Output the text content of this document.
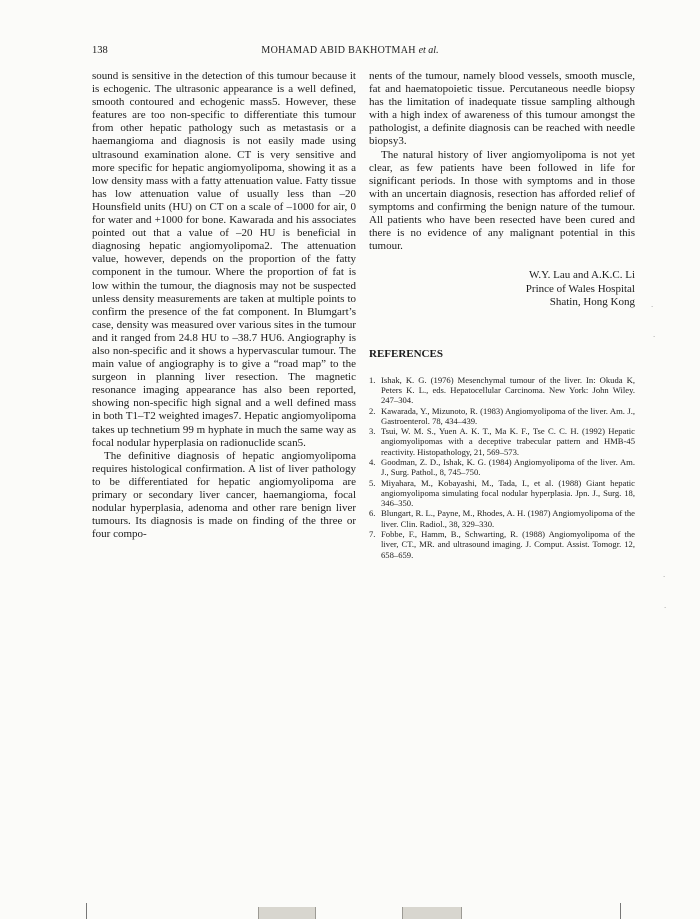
138	MOHAMAD ABID BAKHOTMAH et al.

sound is sensitive in the detection of this tumour because it is echogenic. The ultrasonic appearance is a well defined, smooth contoured and echogenic mass5. However, these features are too non-specific to differentiate this tumour from other hepatic pathology such as metastasis or a haemangioma and diagnosis is not easily made using ultrasound examination alone. CT is very sensitive and more specific for hepatic angiomyolipoma, showing it as a low density mass with a fatty attenuation value. Fatty tissue has low attenuation value of usually less than –20 Hounsfield units (HU) on CT on a scale of –1000 for air, 0 for water and +1000 for bone. Kawarada and his associates pointed out that a value of –20 HU is beneficial in diagnosing hepatic angiomyolipoma2. The attenuation value, however, depends on the proportion of the fatty component in the tumour. Where the proportion of fat is low within the tumour, the diagnosis may not be suspected unless density measurements are taken at multiple points to confirm the presence of the fat component. In Blumgart’s case, density was measured over various sites in the tumour and it ranged from 24.8 HU to –38.7 HU6. Angiography is also non-specific and it shows a hypervascular tumour. The main value of angiography is to give a “road map” to the surgeon in planning liver resection. The magnetic resonance imaging appearance has also been reported, showing non-specific high signal and a well defined mass in both T1–T2 weighted images7. Hepatic angiomyolipoma takes up technetium 99 m hyphate in much the same way as focal nodular hyperplasia on radionuclide scan5.

The definitive diagnosis of hepatic angiomyolipoma requires histological confirmation. A list of liver pathology to be differentiated for hepatic angiomyolipoma are primary or secondary liver cancer, haemangioma, focal nodular hyperplasia, adenoma and other rare benign liver tumours. Its diagnosis is made on finding of the three or four compo-

nents of the tumour, namely blood vessels, smooth muscle, fat and haematopoietic tissue. Percutaneous needle biopsy has the limitation of inadequate tissue sampling although with a high index of awareness of this tumour amongst the pathologist, a definite diagnosis can be reached with needle biopsy3.

The natural history of liver angiomyolipoma is not yet clear, as few patients have been followed in life for significant periods. In those with symptoms and in those with an uncertain diagnosis, resection has afforded relief of symptoms and confirming the benign nature of the tumour. All patients who have been resected have been cured and there is no evidence of any malignant potential in this tumour.

W.Y. Lau and A.K.C. Li
Prince of Wales Hospital
Shatin, Hong Kong
REFERENCES
1. Ishak, K. G. (1976) Mesenchymal tumour of the liver. In: Okuda K, Peters K. L., eds. Hepatocellular Carcinoma. New York: John Wiley. 247–304.
2. Kawarada, Y., Mizunoto, R. (1983) Angiomyolipoma of the liver. Am. J., Gastroenterol. 78, 434–439.
3. Tsui, W. M. S., Yuen A. K. T., Ma K. F., Tse C. C. H. (1992) Hepatic angiomyolipomas with a deceptive trabecular pattern and HMB-45 reactivity. Histopathology, 21, 569–573.
4. Goodman, Z. D., Ishak, K. G. (1984) Angiomyolipoma of the liver. Am. J., Surg. Pathol., 8, 745–750.
5. Miyahara, M., Kobayashi, M., Tada, I., et al. (1988) Giant hepatic angiomyolipoma simulating focal nodular hyperplasia. Jpn. J., Surg. 18, 346–350.
6. Blungart, R. L., Payne, M., Rhodes, A. H. (1987) Angiomyolipoma of the liver. Clin. Radiol., 38, 329–330.
7. Fobbe, F., Hamm, B., Schwarting, R. (1988) Angiomyolipoma of the liver, CT., MR. and ultrasound imaging. J. Comput. Assist. Tomogr. 12, 658–659.
⋅
⋅
⋅
⋅
